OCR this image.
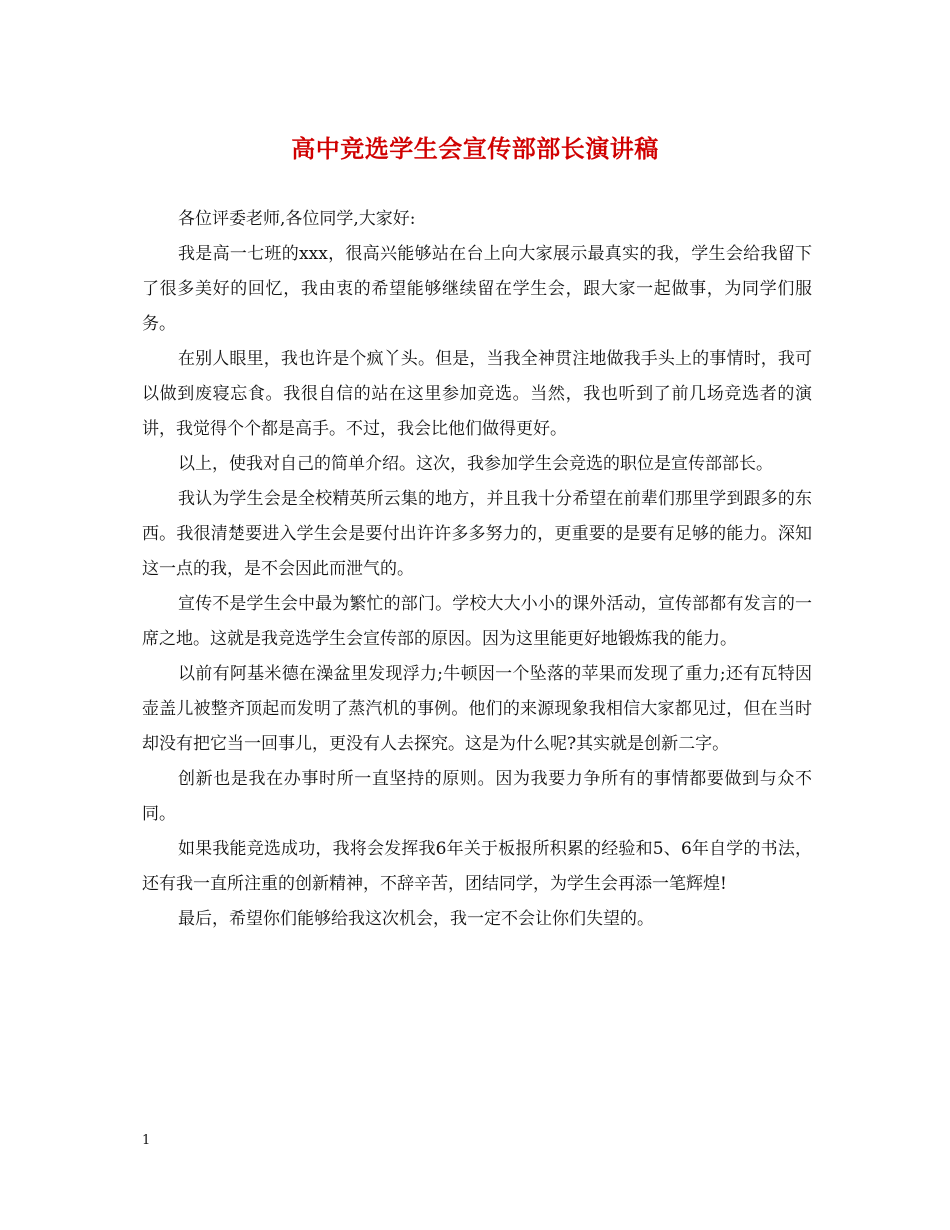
高中竞选学生会宣传部部长演讲稿

各位评委老师,各位同学,大家好:

我是高一七班的xxx，很高兴能够站在台上向大家展示最真实的我，学生会给我留下了很多美好的回忆，我由衷的希望能够继续留在学生会，跟大家一起做事，为同学们服务。

在别人眼里，我也许是个疯丫头。但是，当我全神贯注地做我手头上的事情时，我可以做到废寝忘食。我很自信的站在这里参加竞选。当然，我也听到了前几场竞选者的演讲，我觉得个个都是高手。不过，我会比他们做得更好。

以上，使我对自己的简单介绍。这次，我参加学生会竞选的职位是宣传部部长。

我认为学生会是全校精英所云集的地方，并且我十分希望在前辈们那里学到跟多的东西。我很清楚要进入学生会是要付出许许多多努力的，更重要的是要有足够的能力。深知这一点的我，是不会因此而泄气的。

宣传不是学生会中最为繁忙的部门。学校大大小小的课外活动，宣传部都有发言的一席之地。这就是我竞选学生会宣传部的原因。因为这里能更好地锻炼我的能力。

以前有阿基米德在澡盆里发现浮力;牛顿因一个坠落的苹果而发现了重力;还有瓦特因壶盖儿被整齐顶起而发明了蒸汽机的事例。他们的来源现象我相信大家都见过，但在当时却没有把它当一回事儿，更没有人去探究。这是为什么呢?其实就是创新二字。

创新也是我在办事时所一直坚持的原则。因为我要力争所有的事情都要做到与众不同。

如果我能竞选成功，我将会发挥我6年关于板报所积累的经验和5、6年自学的书法，还有我一直所注重的创新精神，不辞辛苦，团结同学，为学生会再添一笔辉煌!

最后，希望你们能够给我这次机会，我一定不会让你们失望的。

1
